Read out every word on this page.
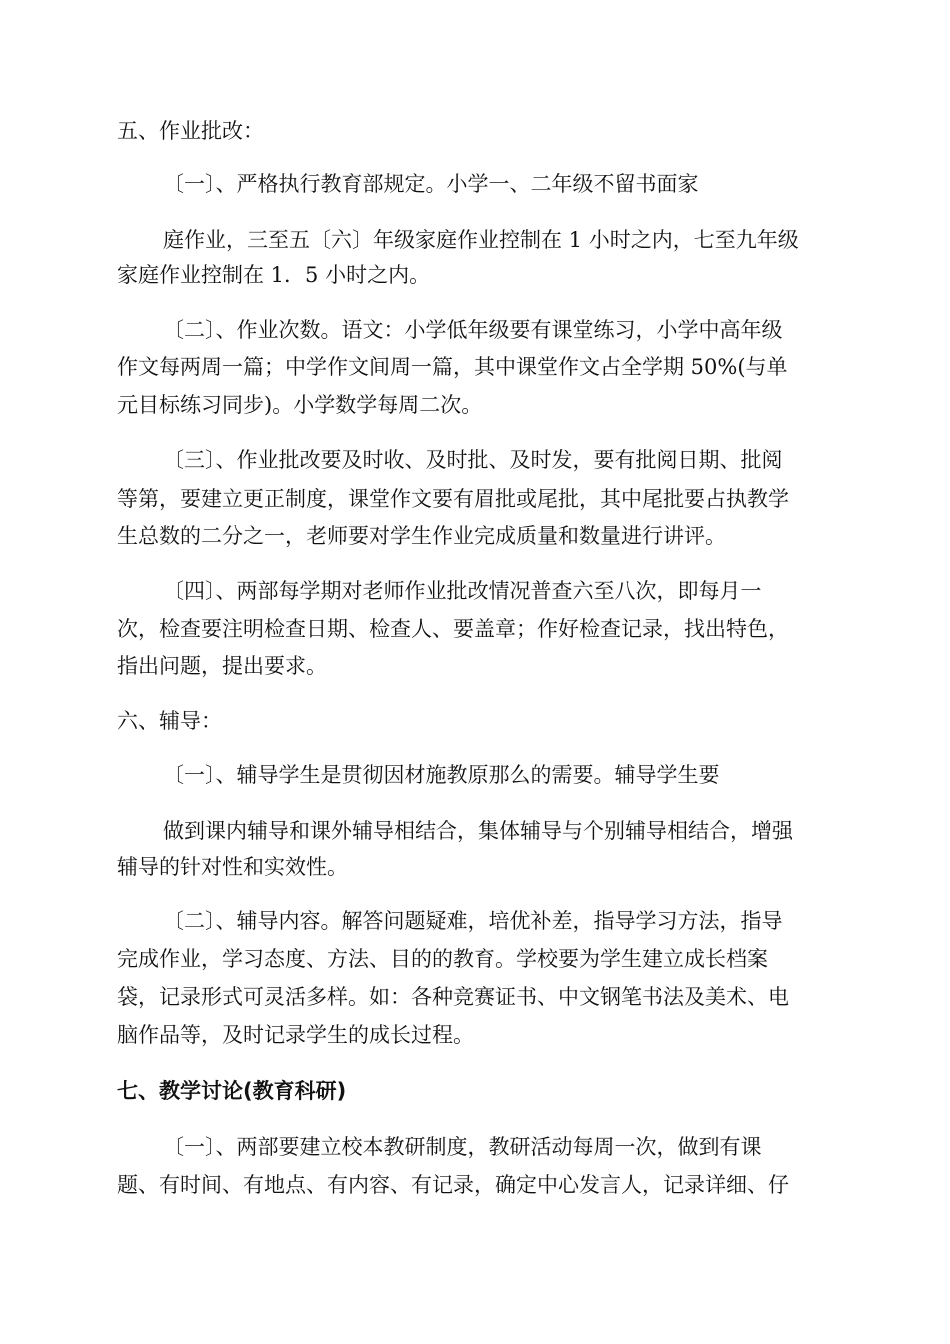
五、作业批改：
〔一〕、严格执行教育部规定。小学一、二年级不留书面家
庭作业，三至五〔六〕年级家庭作业控制在 1 小时之内，七至九年级
家庭作业控制在 1．5 小时之内。
〔二〕、作业次数。语文：小学低年级要有课堂练习，小学中高年级
作文每两周一篇；中学作文间周一篇，其中课堂作文占全学期 50%(与单
元目标练习同步)。小学数学每周二次。
〔三〕、作业批改要及时收、及时批、及时发，要有批阅日期、批阅
等第，要建立更正制度，课堂作文要有眉批或尾批，其中尾批要占执教学
生总数的二分之一，老师要对学生作业完成质量和数量进行讲评。
〔四〕、两部每学期对老师作业批改情况普查六至八次，即每月一
次，检查要注明检查日期、检查人、要盖章；作好检查记录，找出特色，
指出问题，提出要求。
六、辅导：
〔一〕、辅导学生是贯彻因材施教原那么的需要。辅导学生要
做到课内辅导和课外辅导相结合，集体辅导与个别辅导相结合，增强
辅导的针对性和实效性。
〔二〕、辅导内容。解答问题疑难，培优补差，指导学习方法，指导
完成作业，学习态度、方法、目的的教育。学校要为学生建立成长档案
袋，记录形式可灵活多样。如：各种竞赛证书、中文钢笔书法及美术、电
脑作品等，及时记录学生的成长过程。
七、教学讨论(教育科研)
〔一〕、两部要建立校本教研制度，教研活动每周一次，做到有课
题、有时间、有地点、有内容、有记录，确定中心发言人，记录详细、仔
